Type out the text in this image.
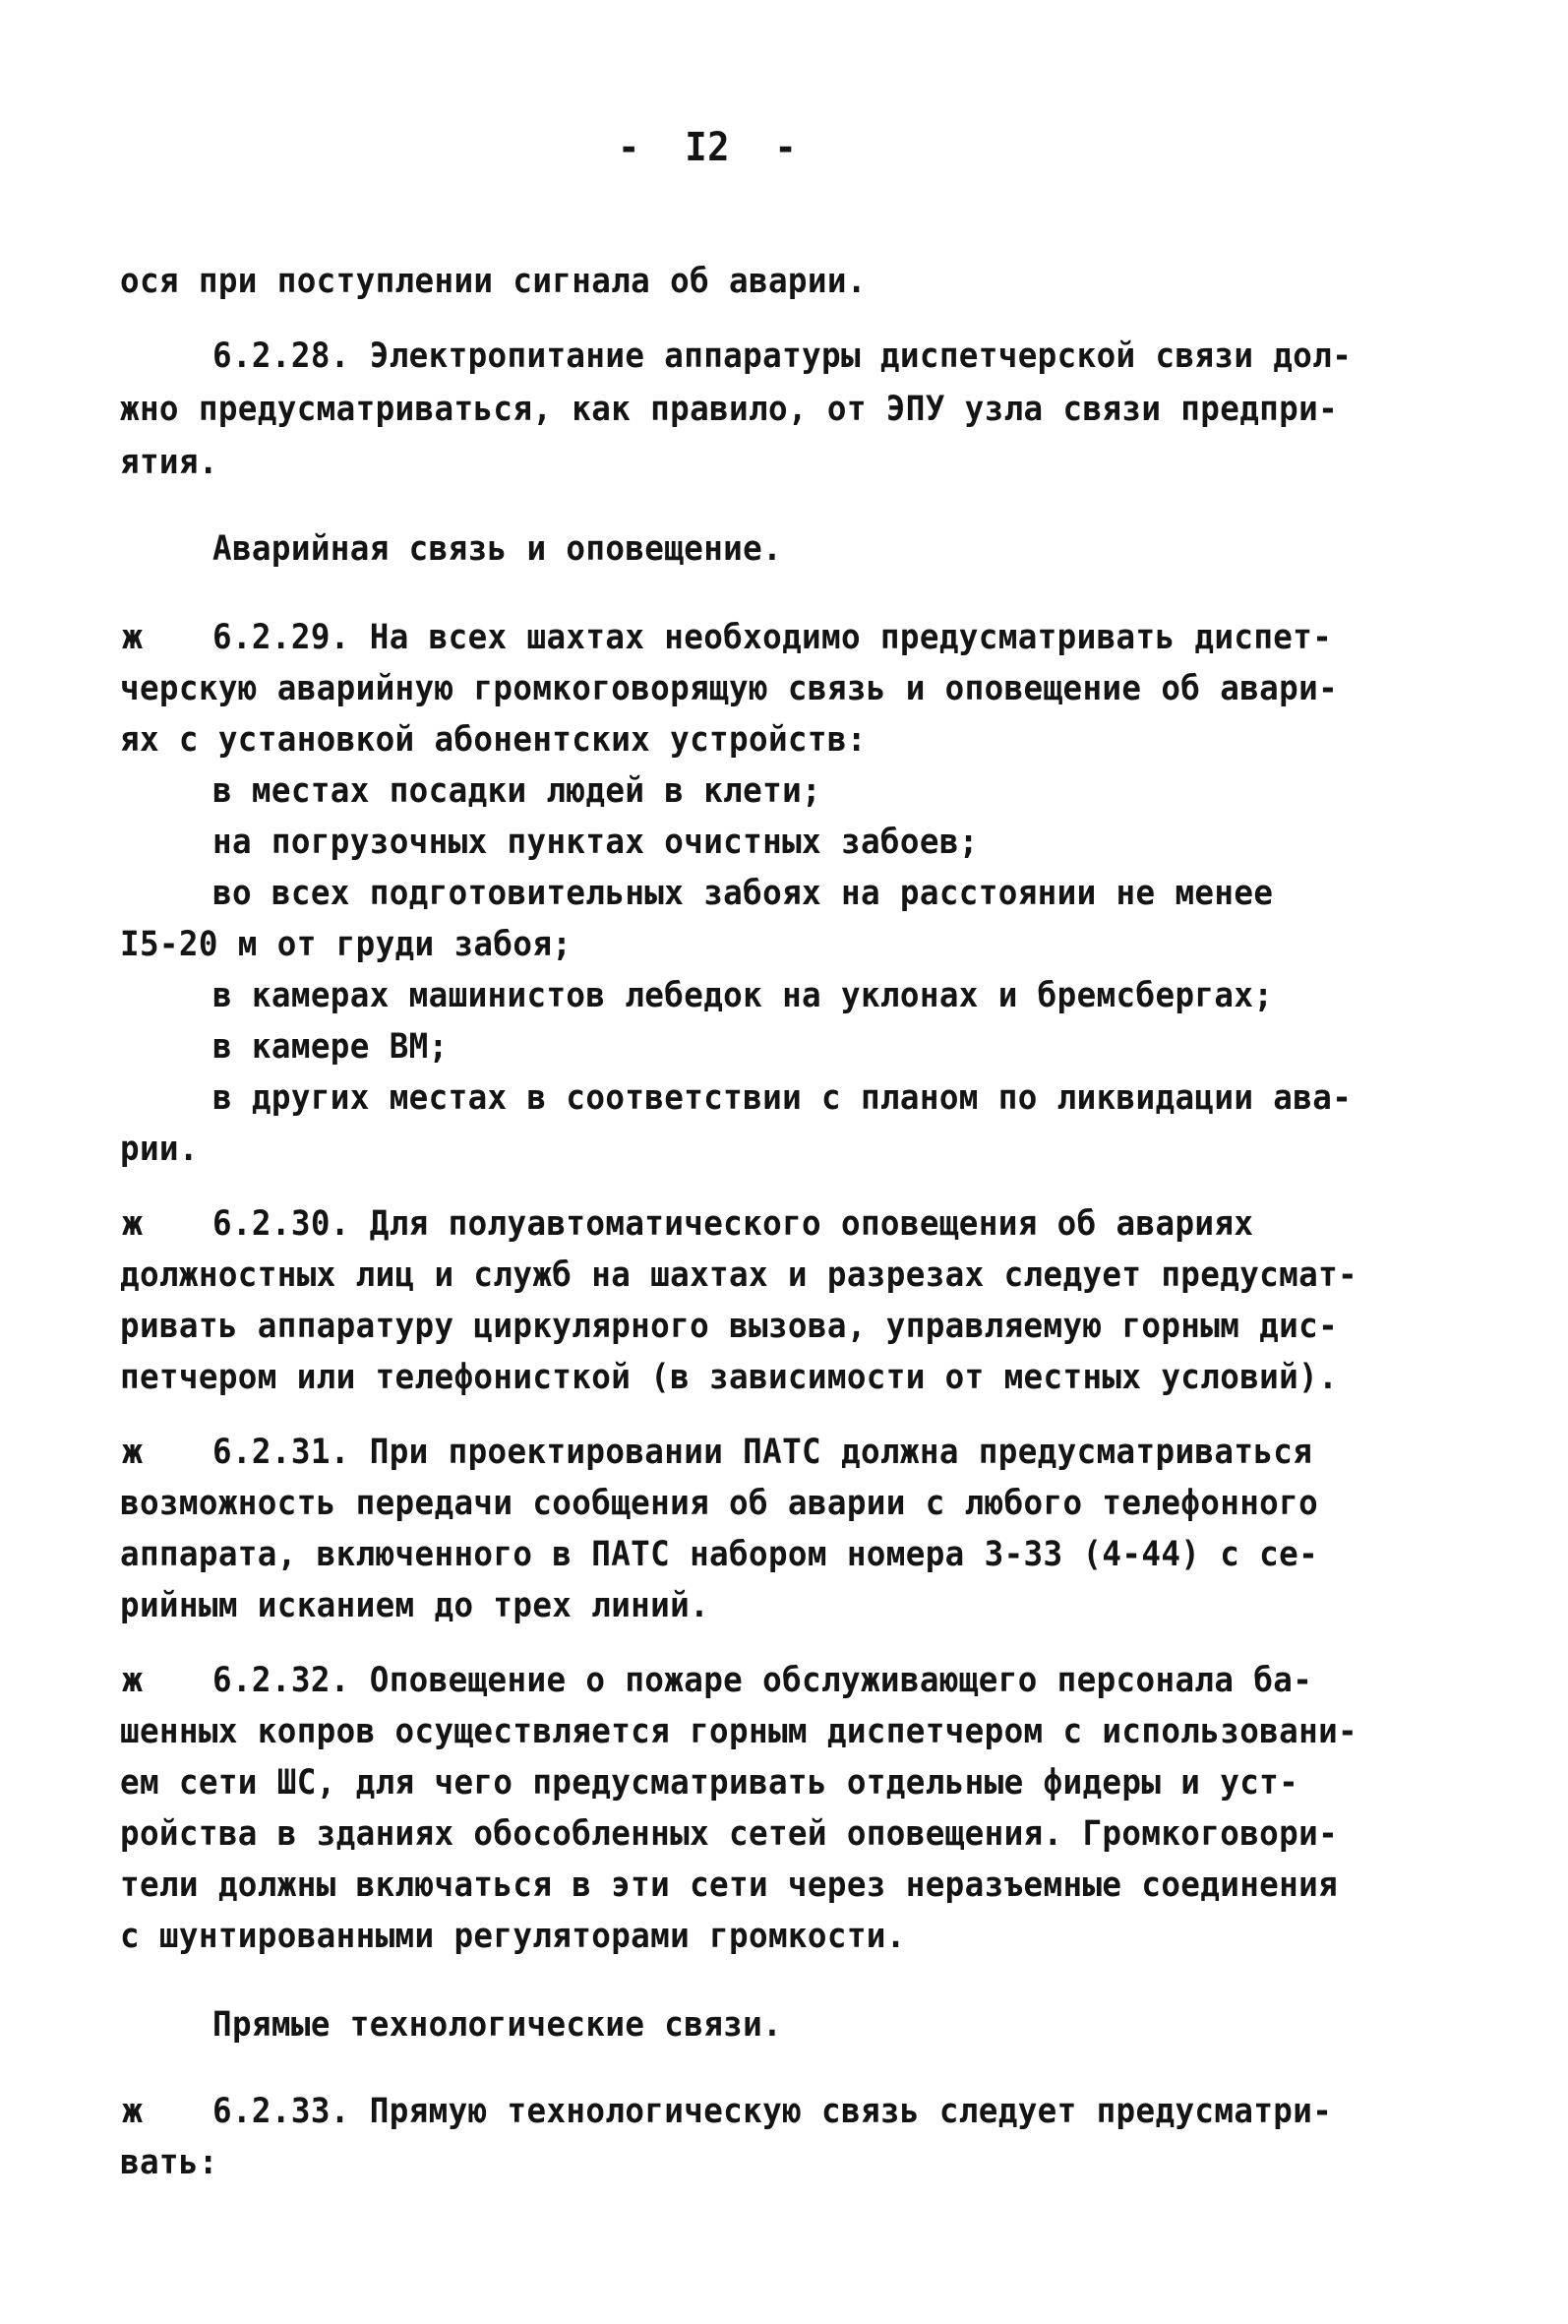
-  I2  -
ося при поступлении сигнала об аварии.
6.2.28. Электропитание аппаратуры диспетчерской связи дол-
жно предусматриваться, как правило, от ЭПУ узла связи предпри-
ятия.
Аварийная связь и оповещение.
ж 6.2.29. На всех шахтах необходимо предусматривать диспет-
черскую аварийную громкоговорящую связь и оповещение об авари-
ях с установкой абонентских устройств:
в местах посадки людей в клети;
на погрузочных пунктах очистных забоев;
во всех подготовительных забоях на расстоянии не менее
I5-20 м от груди забоя;
в камерах машинистов лебедок на уклонах и бремсбергах;
в камере ВМ;
в других местах в соответствии с планом по ликвидации ава-
рии.
ж 6.2.30. Для полуавтоматического оповещения об авариях
должностных лиц и служб на шахтах и разрезах следует предусмат-
ривать аппаратуру циркулярного вызова, управляемую горным дис-
петчером или телефонисткой (в зависимости от местных условий).
ж 6.2.31. При проектировании ПАТС должна предусматриваться
возможность передачи сообщения об аварии с любого телефонного
аппарата, включенного в ПАТС набором номера 3-33 (4-44) с се-
рийным исканием до трех линий.
ж 6.2.32. Оповещение о пожаре обслуживающего персонала ба-
шенных копров осуществляется горным диспетчером с использовани-
ем сети ШС, для чего предусматривать отдельные фидеры и уст-
ройства в зданиях обособленных сетей оповещения. Громкоговори-
тели должны включаться в эти сети через неразъемные соединения
с шунтированными регуляторами громкости.
Прямые технологические связи.
ж 6.2.33. Прямую технологическую связь следует предусматри-
вать:
